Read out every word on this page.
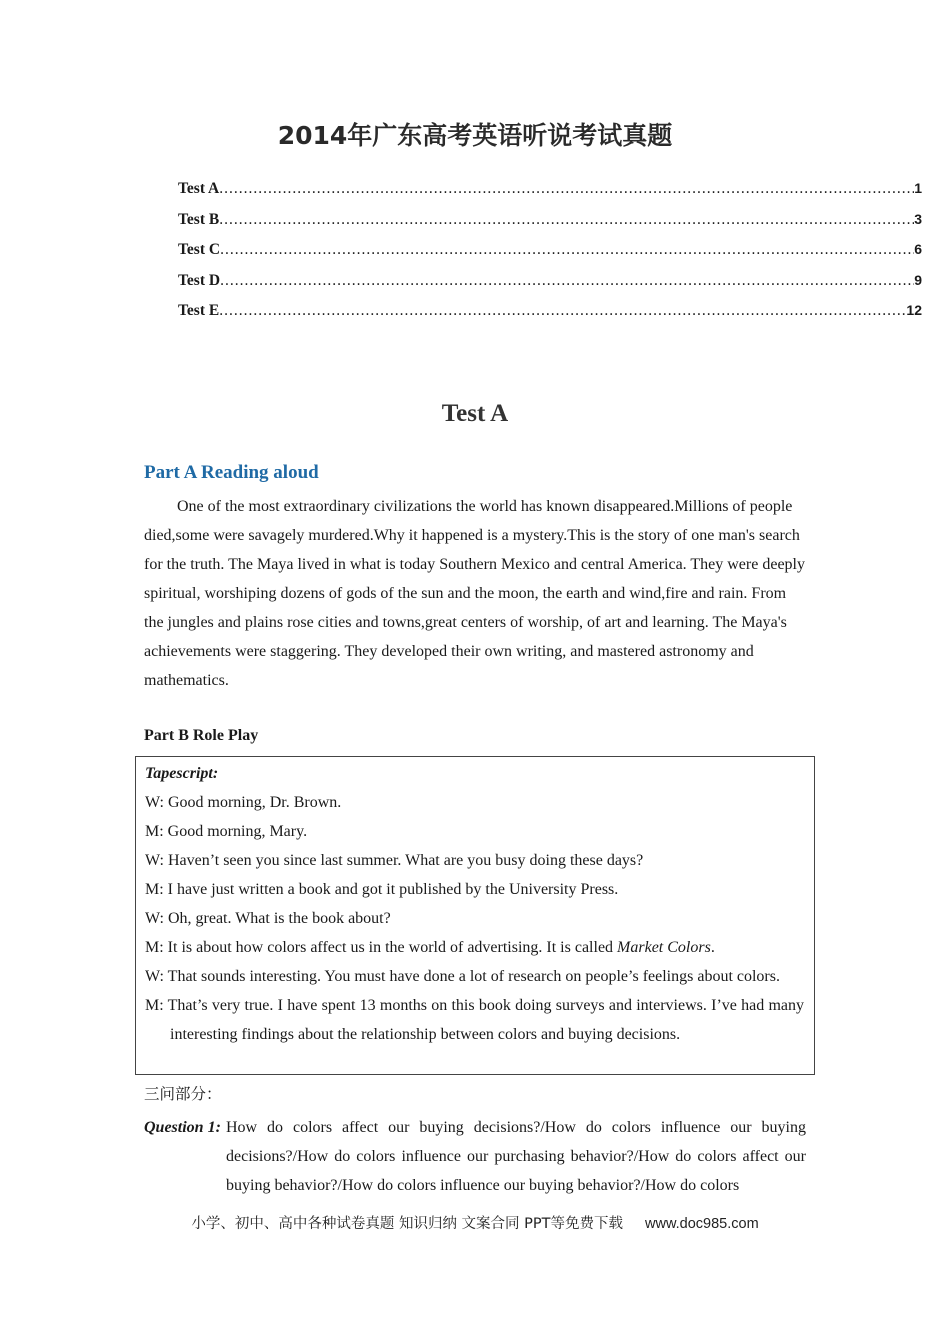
2014年广东高考英语听说考试真题
Test A .....	1
Test B .....	3
Test C .....	6
Test D .....	9
Test E .....	12
Test A
Part A Reading aloud

One of the most extraordinary civilizations the world has known disappeared.Millions of people died,some were savagely murdered.Why it happened is a mystery.This is the story of one man's search for the truth. The Maya lived in what is today Southern Mexico and central America. They were deeply spiritual, worshiping dozens of gods of the sun and the moon, the earth and wind,fire and rain. From the jungles and plains rose cities and towns,great centers of worship, of art and learning. The Maya's achievements were staggering. They developed their own writing, and mastered astronomy and mathematics.

Part B Role Play
Tapescript:
W: Good morning, Dr. Brown.
M: Good morning, Mary.
W: Haven’t seen you since last summer. What are you busy doing these days?
M: I have just written a book and got it published by the University Press.
W: Oh, great. What is the book about?
M: It is about how colors affect us in the world of advertising. It is called Market Colors.
W: That sounds interesting. You must have done a lot of research on people’s feelings about colors.
M: That’s very true. I have spent 13 months on this book doing surveys and interviews. I’ve had many interesting findings about the relationship between colors and buying decisions.
三问部分：
Question 1: How do colors affect our buying decisions?/How do colors influence our buying decisions?/How do colors influence our purchasing behavior?/How do colors affect our buying behavior?/How do colors influence our buying behavior?/How do colors
小学、初中、高中各种试卷真题 知识归纳 文案合同 PPT等免费下载 www.doc985.com
